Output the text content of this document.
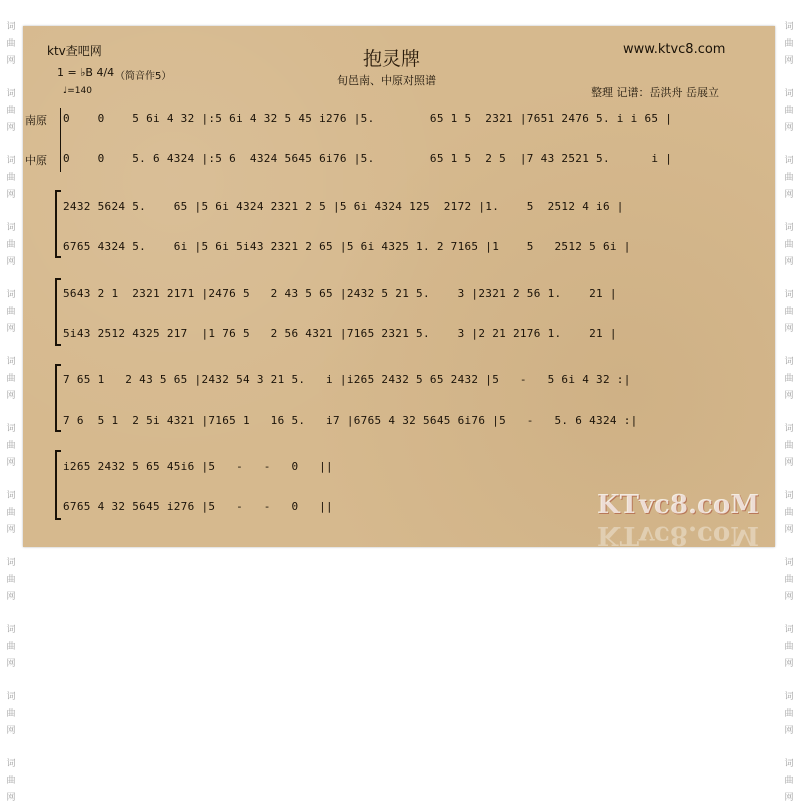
词
曲
网
词
曲
网
词
曲
网
词
曲
网
词
曲
网
词
曲
网
词
曲
网
词
曲
网
词
曲
网
词
曲
网
词
曲
网
词
曲
网
词
曲
网
词
曲
网
词
曲
网
词
曲
网
词
曲
网
词
曲
网
词
曲
网
词
曲
网
词
曲
网
词
曲
网
词
曲
网
词
曲
网
ktv查吧网
1 = ♭B 4/4 （简音作5）
♩=140
抱灵牌
旬邑南、中原对照谱
www.ktvc8.com
整理 记谱：岳洪舟 岳展立
南原
中原
0    0    5 6i 4 32 |:5 6i 4 32 5 45 i276 |5.        65 1 5  2321 |7651 2476 5. i i 65 |
0    0    5. 6 4324 |:5 6  4324 5645 6i76 |5.        65 1 5  2 5  |7 43 2521 5.      i |
2432 5624 5.    65 |5 6i 4324 2321 2 5 |5 6i 4324 125  2172 |1.    5  2512 4 i6 |
6765 4324 5.    6i |5 6i 5i43 2321 2 65 |5 6i 4325 1. 2 7165 |1    5   2512 5 6i |
5643 2 1  2321 2171 |2476 5   2 43 5 65 |2432 5 21 5.    3 |2321 2 56 1.    21 |
5i43 2512 4325 217  |1 76 5   2 56 4321 |7165 2321 5.    3 |2 21 2176 1.    21 |
7 65 1   2 43 5 65 |2432 54 3 21 5.   i |i265 2432 5 65 2432 |5   -   5 6i 4 32 :|
7 6  5 1  2 5i 4321 |7165 1   16 5.   i7 |6765 4 32 5645 6i76 |5   -   5. 6 4324 :|
i265 2432 5 65 45i6 |5   -   -   0   ||
6765 4 32 5645 i276 |5   -   -   0   ||	KTvc8.coM
KTvc8.coM
